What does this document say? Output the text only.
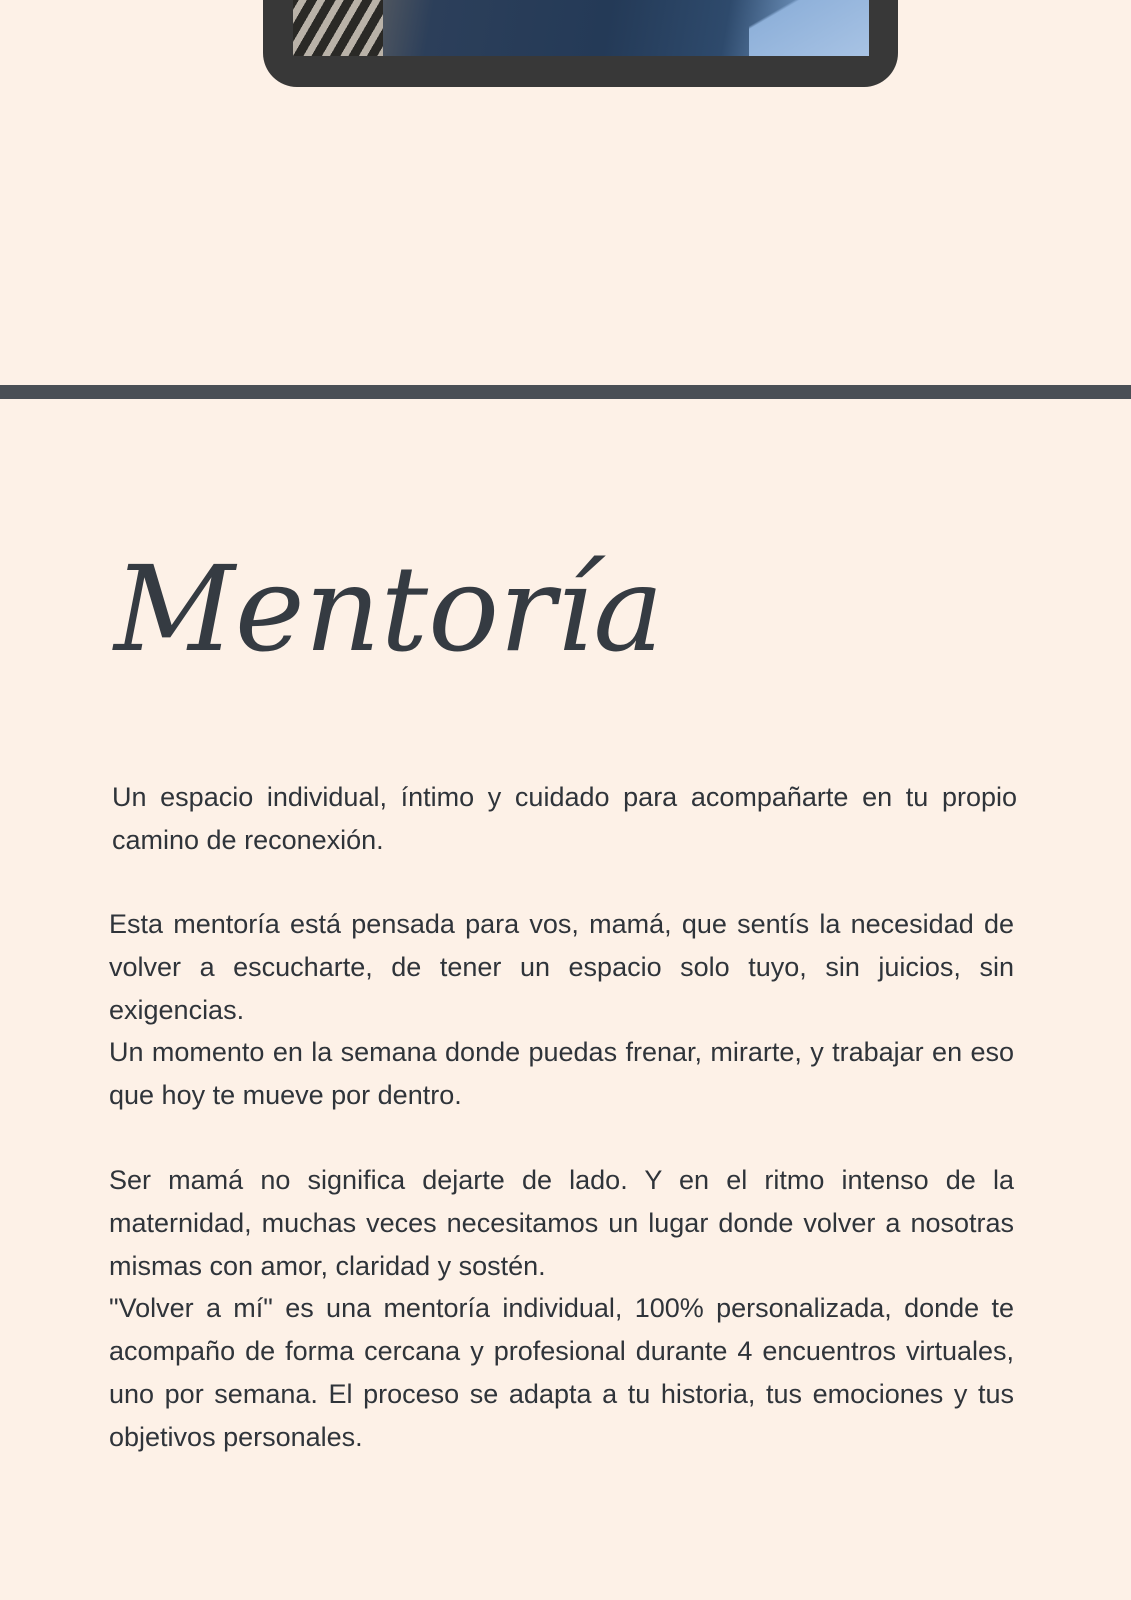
Mentoría

Un espacio individual, íntimo y cuidado para acompañarte en tu propio camino de reconexión.

Esta mentoría está pensada para vos, mamá, que sentís la necesidad de volver a escucharte, de tener un espacio solo tuyo, sin juicios, sin exigencias.

Un momento en la semana donde puedas frenar, mirarte, y trabajar en eso que hoy te mueve por dentro.

Ser mamá no significa dejarte de lado. Y en el ritmo intenso de la maternidad, muchas veces necesitamos un lugar donde volver a nosotras mismas con amor, claridad y sostén.

"Volver a mí" es una mentoría individual, 100% personalizada, donde te acompaño de forma cercana y profesional durante 4 encuentros virtuales, uno por semana. El proceso se adapta a tu historia, tus emociones y tus objetivos personales.
